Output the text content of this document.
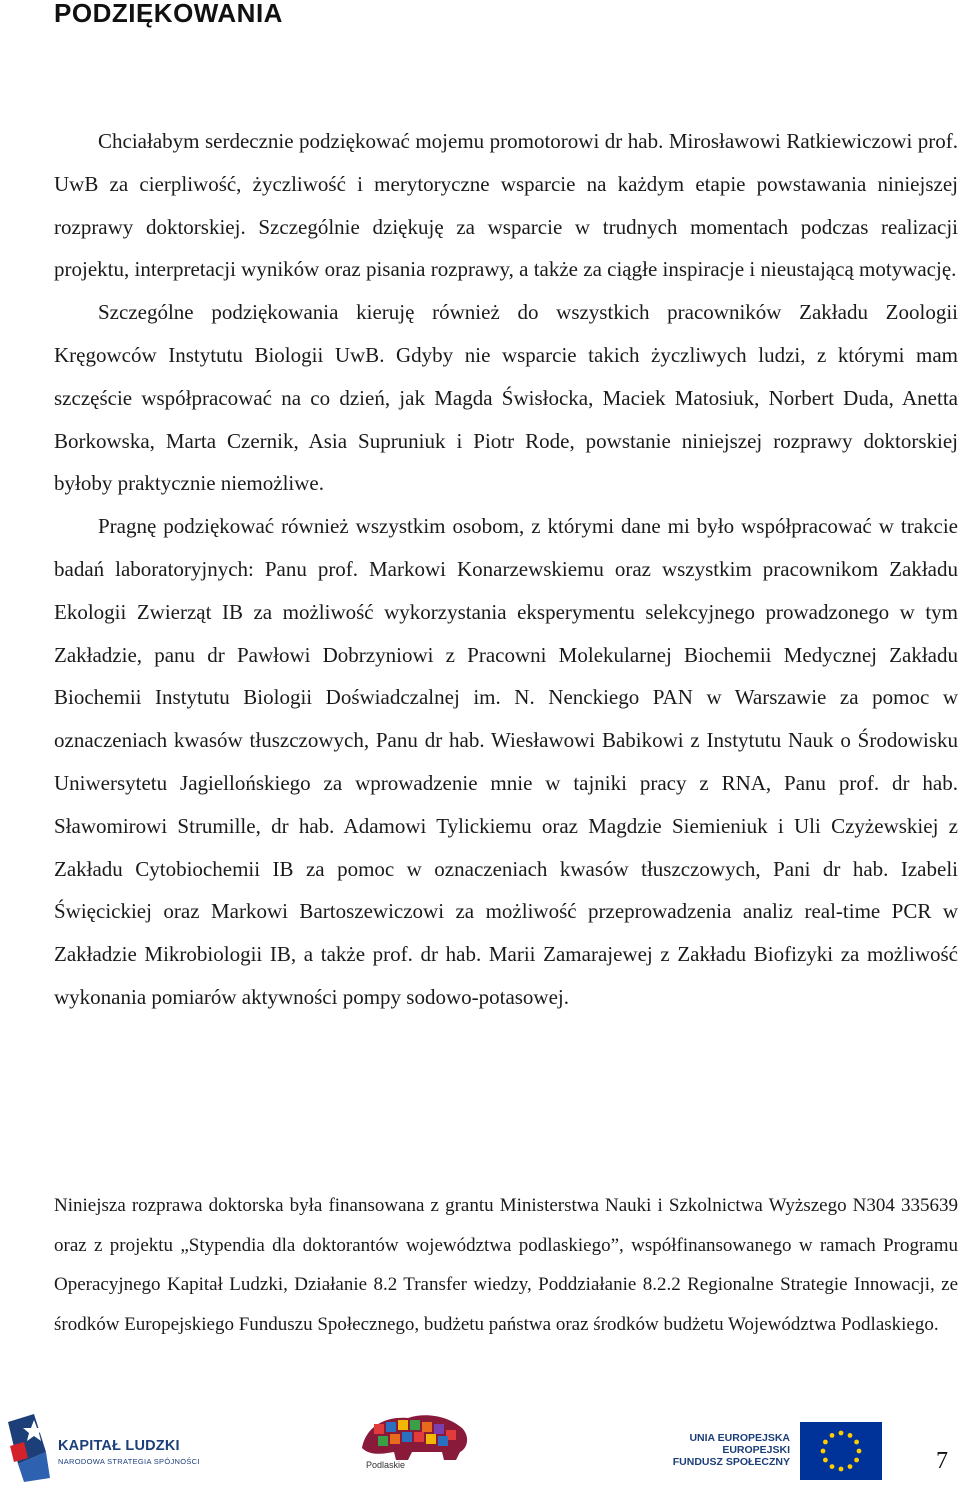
PODZIĘKOWANIA

Chciałabym serdecznie podziękować mojemu promotorowi dr hab. Mirosławowi Ratkiewiczowi prof. UwB za cierpliwość, życzliwość i merytoryczne wsparcie na każdym etapie powstawania niniejszej rozprawy doktorskiej. Szczególnie dziękuję za wsparcie w trudnych momentach podczas realizacji projektu, interpretacji wyników oraz pisania rozprawy, a także za ciągłe inspiracje i nieustającą motywację.

Szczególne podziękowania kieruję również do wszystkich pracowników Zakładu Zoologii Kręgowców Instytutu Biologii UwB. Gdyby nie wsparcie takich życzliwych ludzi, z którymi mam szczęście współpracować na co dzień, jak Magda Świsłocka, Maciek Matosiuk, Norbert Duda, Anetta Borkowska, Marta Czernik, Asia Supruniuk i Piotr Rode, powstanie niniejszej rozprawy doktorskiej byłoby praktycznie niemożliwe.

Pragnę podziękować również wszystkim osobom, z którymi dane mi było współpracować w trakcie badań laboratoryjnych: Panu prof. Markowi Konarzewskiemu oraz wszystkim pracownikom Zakładu Ekologii Zwierząt IB za możliwość wykorzystania eksperymentu selekcyjnego prowadzonego w tym Zakładzie, panu dr Pawłowi Dobrzyniowi z Pracowni Molekularnej Biochemii Medycznej Zakładu Biochemii Instytutu Biologii Doświadczalnej im. N. Nenckiego PAN w Warszawie za pomoc w oznaczeniach kwasów tłuszczowych, Panu dr hab. Wiesławowi Babikowi z Instytutu Nauk o Środowisku Uniwersytetu Jagiellońskiego za wprowadzenie mnie w tajniki pracy z RNA, Panu prof. dr hab. Sławomirowi Strumille, dr hab. Adamowi Tylickiemu oraz Magdzie Siemieniuk i Uli Czyżewskiej z Zakładu Cytobiochemii IB za pomoc w oznaczeniach kwasów tłuszczowych, Pani dr hab. Izabeli Święcickiej oraz Markowi Bartoszewiczowi za możliwość przeprowadzenia analiz real-time PCR w Zakładzie Mikrobiologii IB, a także prof. dr hab. Marii Zamarajewej z Zakładu Biofizyki za możliwość wykonania pomiarów aktywności pompy sodowo-potasowej.

Niniejsza rozprawa doktorska była finansowana z grantu Ministerstwa Nauki i Szkolnictwa Wyższego N304 335639 oraz z projektu „Stypendia dla doktorantów województwa podlaskiego”, współfinansowanego w ramach Programu Operacyjnego Kapitał Ludzki, Działanie 8.2 Transfer wiedzy, Poddziałanie 8.2.2 Regionalne Strategie Innowacji, ze środków Europejskiego Funduszu Społecznego, budżetu państwa oraz środków budżetu Województwa Podlaskiego.

KAPITAŁ LUDZKI
NARODOWA STRATEGIA SPÓJNOŚCI	Podlaskie
UNIA EUROPEJSKA
EUROPEJSKI
FUNDUSZ SPOŁECZNY	7
